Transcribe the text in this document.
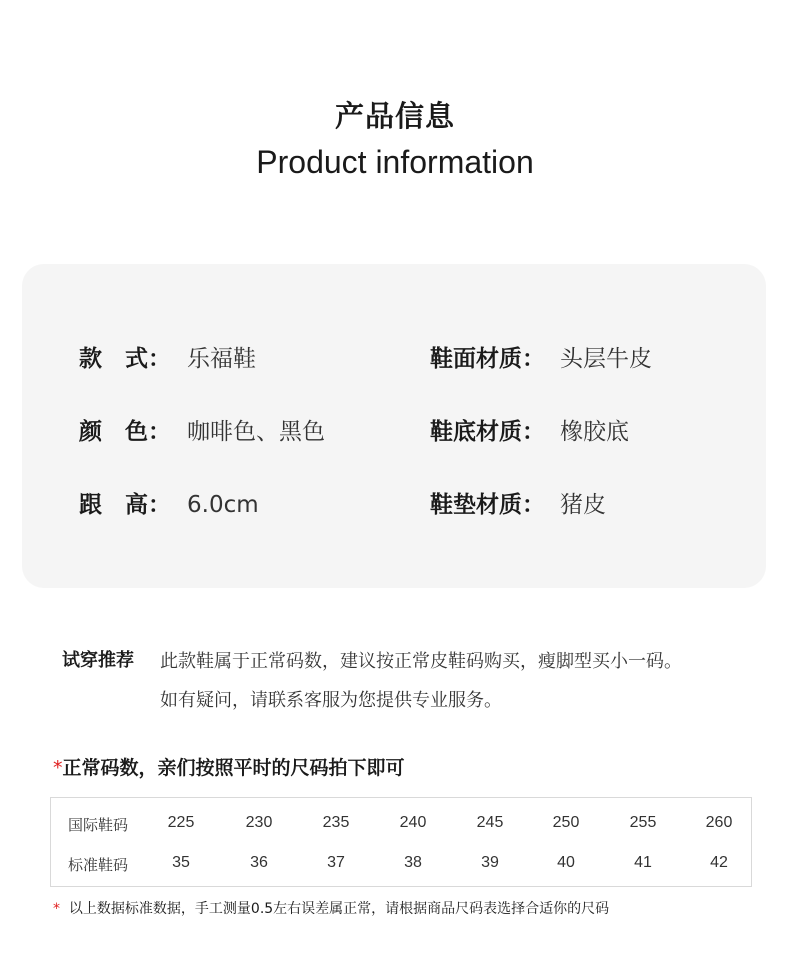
产品信息
Product information
款　式： 乐福鞋
颜　色： 咖啡色、黑色
跟　高： 6.0cm
鞋面材质： 头层牛皮
鞋底材质： 橡胶底
鞋垫材质： 猪皮
试穿推荐 此款鞋属于正常码数，建议按正常皮鞋码购买，瘦脚型买小一码。
如有疑问，请联系客服为您提供专业服务。
*正常码数，亲们按照平时的尺码拍下即可
国际鞋码	225	230	235	240	245	250	255	260
标准鞋码	35	36	37	38	39	40	41	42
* 以上数据标准数据，手工测量0.5左右误差属正常，请根据商品尺码表选择合适你的尺码
